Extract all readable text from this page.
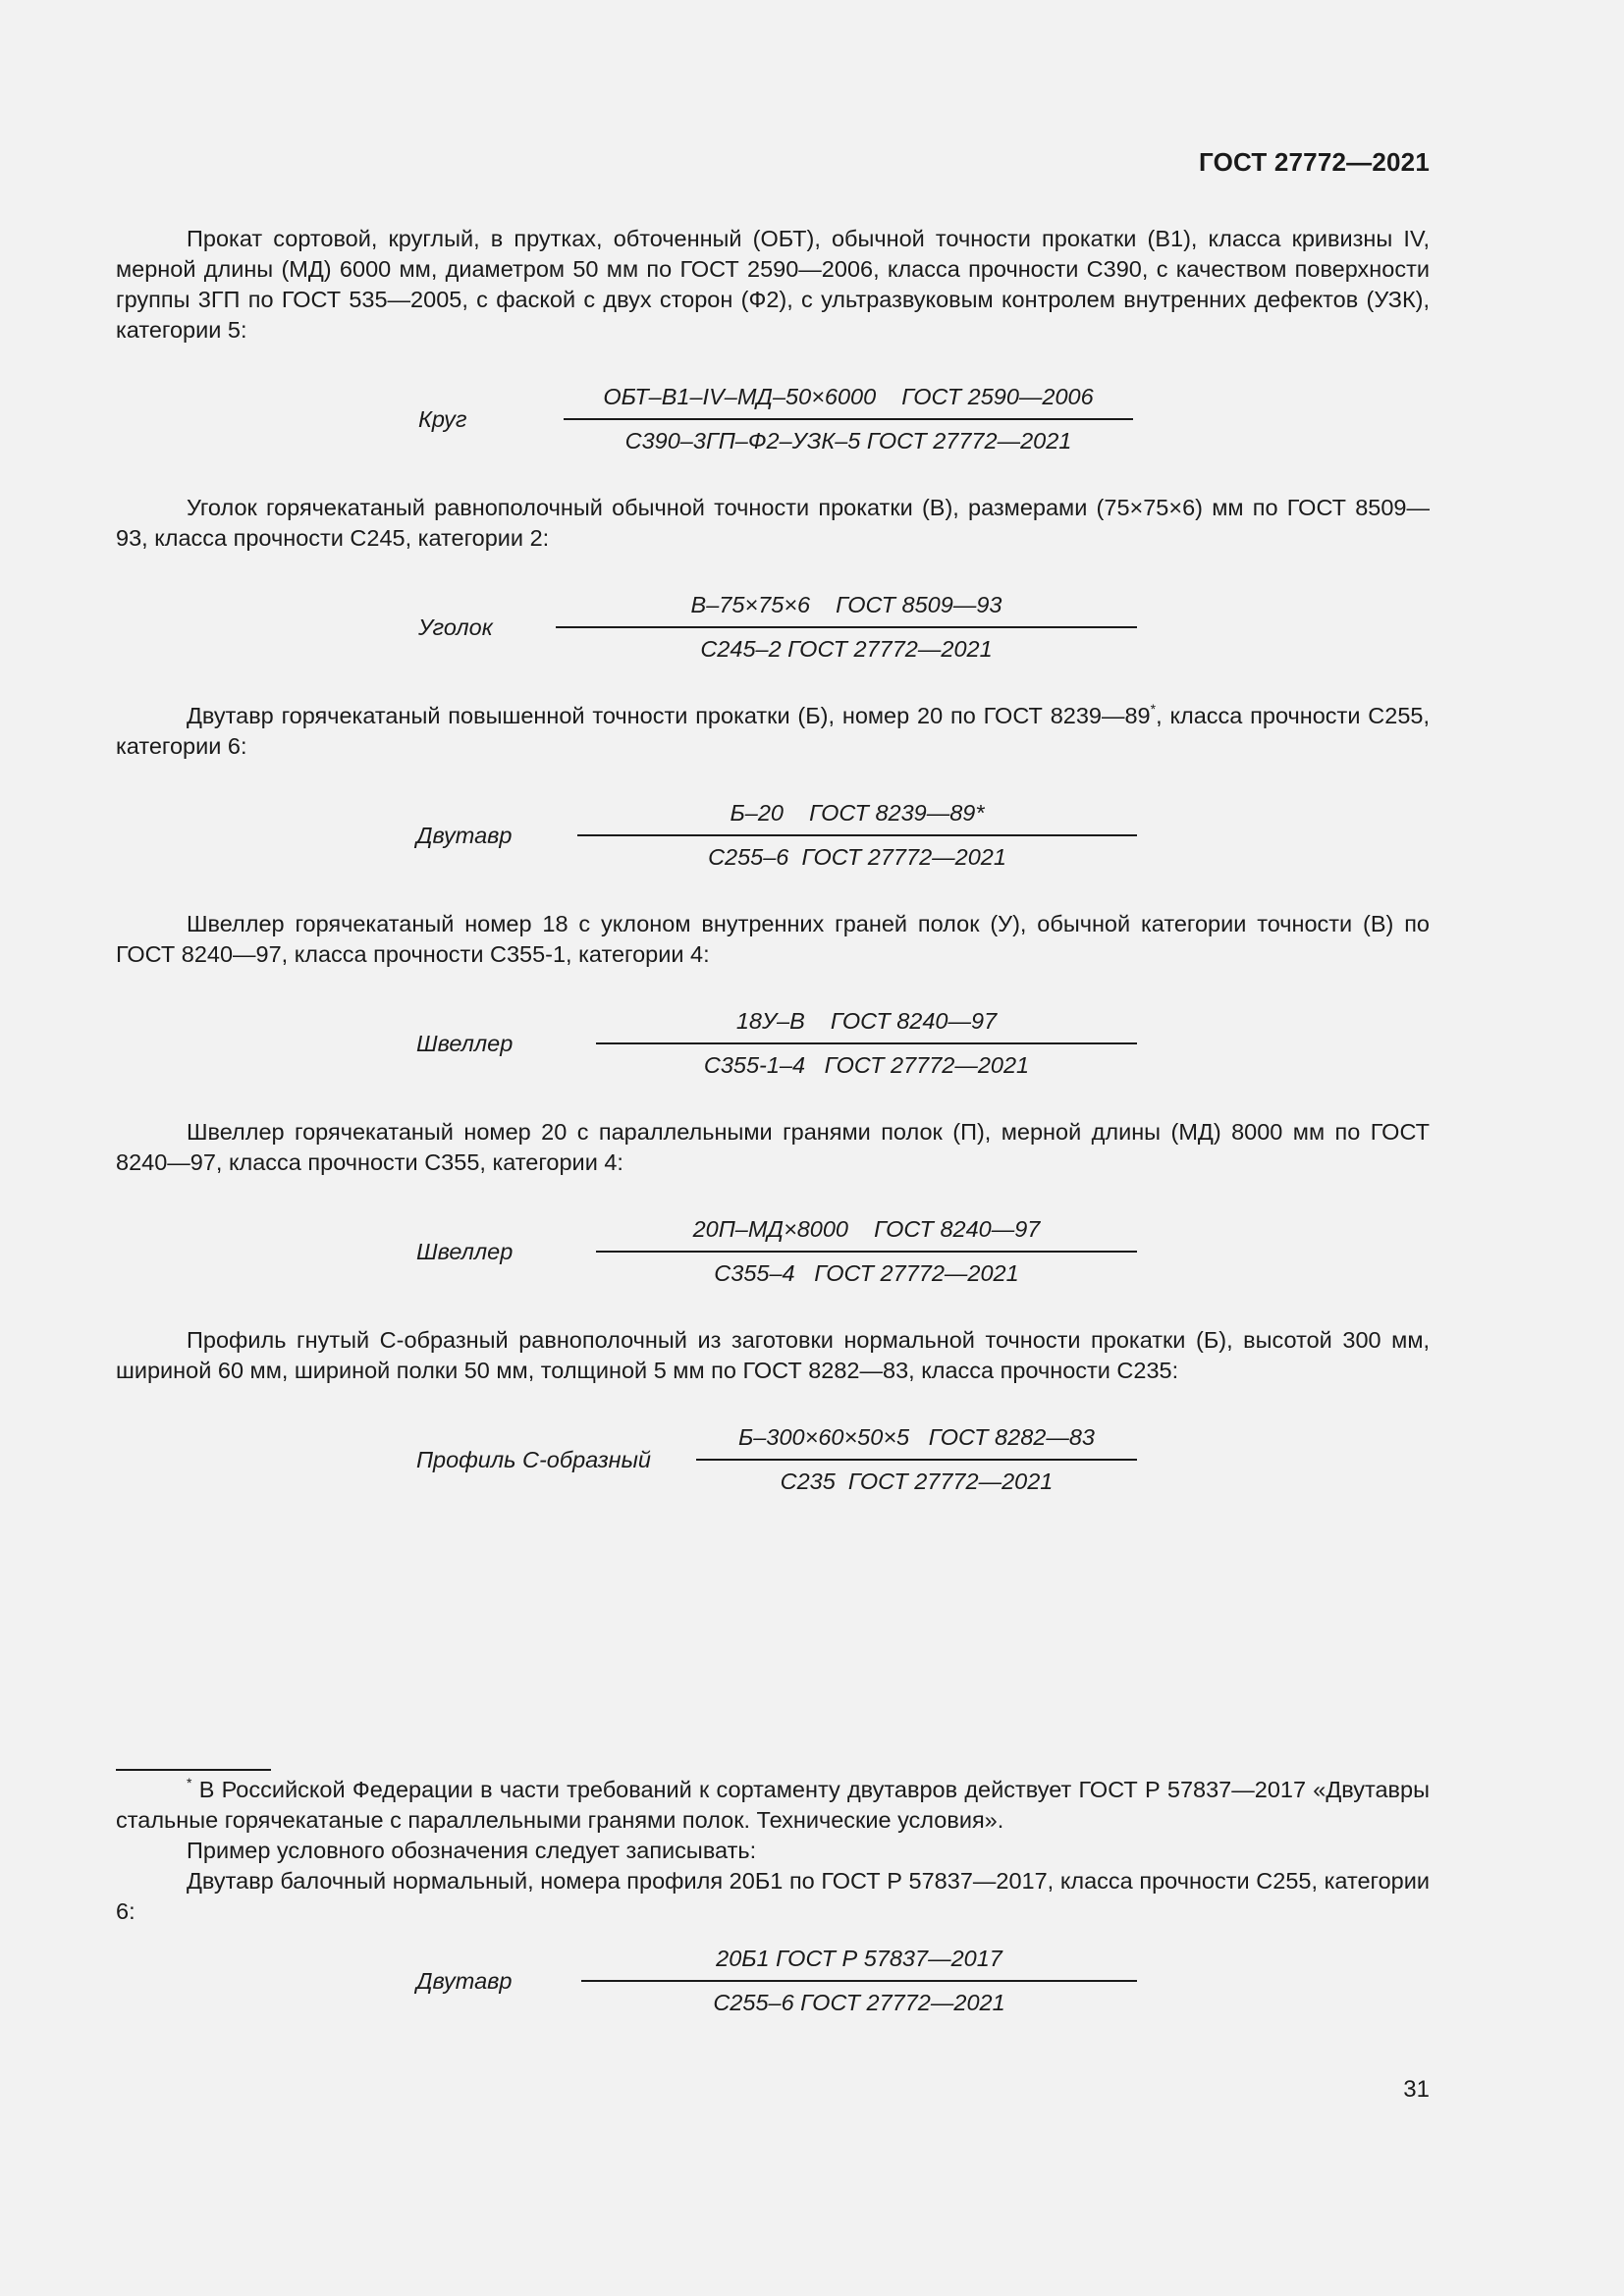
ГОСТ 27772—2021

Прокат сортовой, круглый, в прутках, обточенный (ОБТ), обычной точности прокатки (В1), класса кривизны IV, мерной длины (МД) 6000 мм, диаметром 50 мм по ГОСТ 2590—2006, класса прочности С390, с качеством поверхности группы 3ГП по ГОСТ 535—2005, с фаской с двух сторон (Ф2), с ультразвуковым контролем внутренних дефектов (УЗК), категории 5:

Круг	$\frac{\text{ОБТ–В1–IV–МД–50×6000    ГОСТ 2590—2006}}{\text{С390–3ГП–Ф2–УЗК–5 ГОСТ 27772—2021}}$

Уголок горячекатаный равнополочный обычной точности прокатки (В), размерами (75×75×6) мм по ГОСТ 8509—93, класса прочности С245, категории 2:

Уголок	$\frac{\text{В–75×75×6    ГОСТ 8509—93}}{\text{С245–2 ГОСТ 27772—2021}}$

Двутавр горячекатаный повышенной точности прокатки (Б), номер 20 по ГОСТ 8239—89*, класса прочности С255, категории 6:

Двутавр	$\frac{\text{Б–20    ГОСТ 8239—89*}}{\text{С255–6  ГОСТ 27772—2021}}$

Швеллер горячекатаный номер 18 с уклоном внутренних граней полок (У), обычной категории точности (В) по ГОСТ 8240—97, класса прочности С355-1, категории 4:

Швеллер	$\frac{\text{18У–В    ГОСТ 8240—97}}{\text{С355-1–4   ГОСТ 27772—2021}}$

Швеллер горячекатаный номер 20 с параллельными гранями полок (П), мерной длины (МД) 8000 мм по ГОСТ 8240—97, класса прочности С355, категории 4:

Швеллер	$\frac{\text{20П–МД×8000    ГОСТ 8240—97}}{\text{С355–4   ГОСТ 27772—2021}}$

Профиль гнутый С-образный равнополочный из заготовки нормальной точности прокатки (Б), высотой 300 мм, шириной 60 мм, шириной полки 50 мм, толщиной 5 мм по ГОСТ 8282—83, класса прочности С235:

Профиль С-образный	$\frac{\text{Б–300×60×50×5   ГОСТ 8282—83}}{\text{С235  ГОСТ 27772—2021}}$

* В Российской Федерации в части требований к сортаменту двутавров действует ГОСТ Р 57837—2017 «Двутавры стальные горячекатаные с параллельными гранями полок. Технические условия».

Пример условного обозначения следует записывать:

Двутавр балочный нормальный, номера профиля 20Б1 по ГОСТ Р 57837—2017, класса прочности С255, категории 6:

Двутавр	$\frac{\text{20Б1 ГОСТ Р 57837—2017}}{\text{С255–6 ГОСТ 27772—2021}}$
31
